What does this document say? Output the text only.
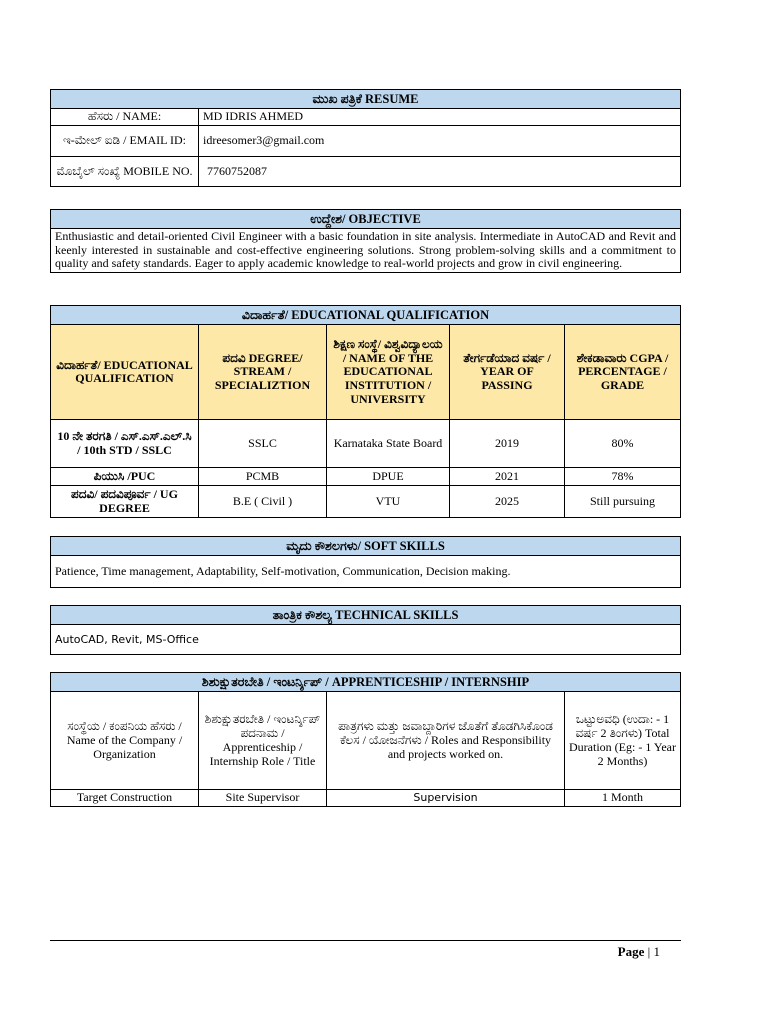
ಮುಖ ಪತ್ರಿಕೆ RESUME	
ಹೆಸರು / NAME:	MD IDRIS AHMED
ಇ-ಮೇಲ್ ಐಡಿ / EMAIL ID:	idreesomer3@gmail.com
ಮೊಬೈಲ್ ಸಂಖ್ಯೆ MOBILE NO.	7760752087
ಉದ್ದೇಶ/ OBJECTIVE
Enthusiastic and detail-oriented Civil Engineer with a basic foundation in site analysis. Intermediate in AutoCAD and Revit and keenly interested in sustainable and cost-effective engineering solutions. Strong problem-solving skills and a commitment to quality and safety standards. Eager to apply academic knowledge to real-world projects and grow in civil engineering.
ವಿದಾರ್ಹತೆ/ EDUCATIONAL QUALIFICATION				
ವಿದಾರ್ಹತೆ/ EDUCATIONAL QUALIFICATION	ಪದವಿ DEGREE/ STREAM / SPECIALIZTION	ಶಿಕ್ಷಣ ಸಂಸ್ಥೆ/ ವಿಶ್ವವಿದ್ಯಾಲಯ / NAME OF THE EDUCATIONAL INSTITUTION / UNIVERSITY	ತೇರ್ಗಡೆಯಾದ ವರ್ಷ / YEAR OF PASSING	ಶೇಕಡಾವಾರು CGPA / PERCENTAGE / GRADE
10 ನೇ ತರಗತಿ / ಎಸ್.ಎಸ್.ಎಲ್.ಸಿ / 10th STD / SSLC	SSLC	Karnataka State Board	2019	80%
ಪಿಯುಸಿ /PUC	PCMB	DPUE	2021	78%
ಪದವಿ/ ಪದವಿಪೂರ್ವ / UG DEGREE	B.E ( Civil )	VTU	2025	Still pursuing
ಮೃದು ಕೌಶಲಗಳು/ SOFT SKILLS
Patience, Time management, Adaptability, Self-motivation, Communication, Decision making.
ತಾಂತ್ರಿಕ ಕೌಶಲ್ಯ TECHNICAL SKILLS
AutoCAD, Revit, MS-Office
ಶಿಶುಕ್ಷುತರಬೇತಿ / ಇಂಟರ್ನ್ಶಿಪ್ / APPRENTICESHIP / INTERNSHIP			
ಸಂಸ್ಥೆಯ / ಕಂಪನಿಯ ಹೆಸರು / Name of the Company / Organization	ಶಿಶುಕ್ಷುತರಬೇತಿ / ಇಂಟರ್ನ್ಶಿಪ್ ಪದನಾಮ / Apprenticeship / Internship Role / Title	ಪಾತ್ರಗಳು ಮತ್ತು ಜವಾಬ್ದಾರಿಗಳ ಜೊತೆಗೆ ತೊಡಗಿಸಿಕೊಂಡ ಕೆಲಸ / ಯೋಜನೆಗಳು / Roles and Responsibility and projects worked on.	ಒಟ್ಟುಅವಧಿ (ಉದಾ: - 1 ವರ್ಷ 2 ತಿಂಗಳು) Total Duration (Eg: - 1 Year 2 Months)
Target Construction	Site Supervisor	Supervision	1 Month
Page | 1
